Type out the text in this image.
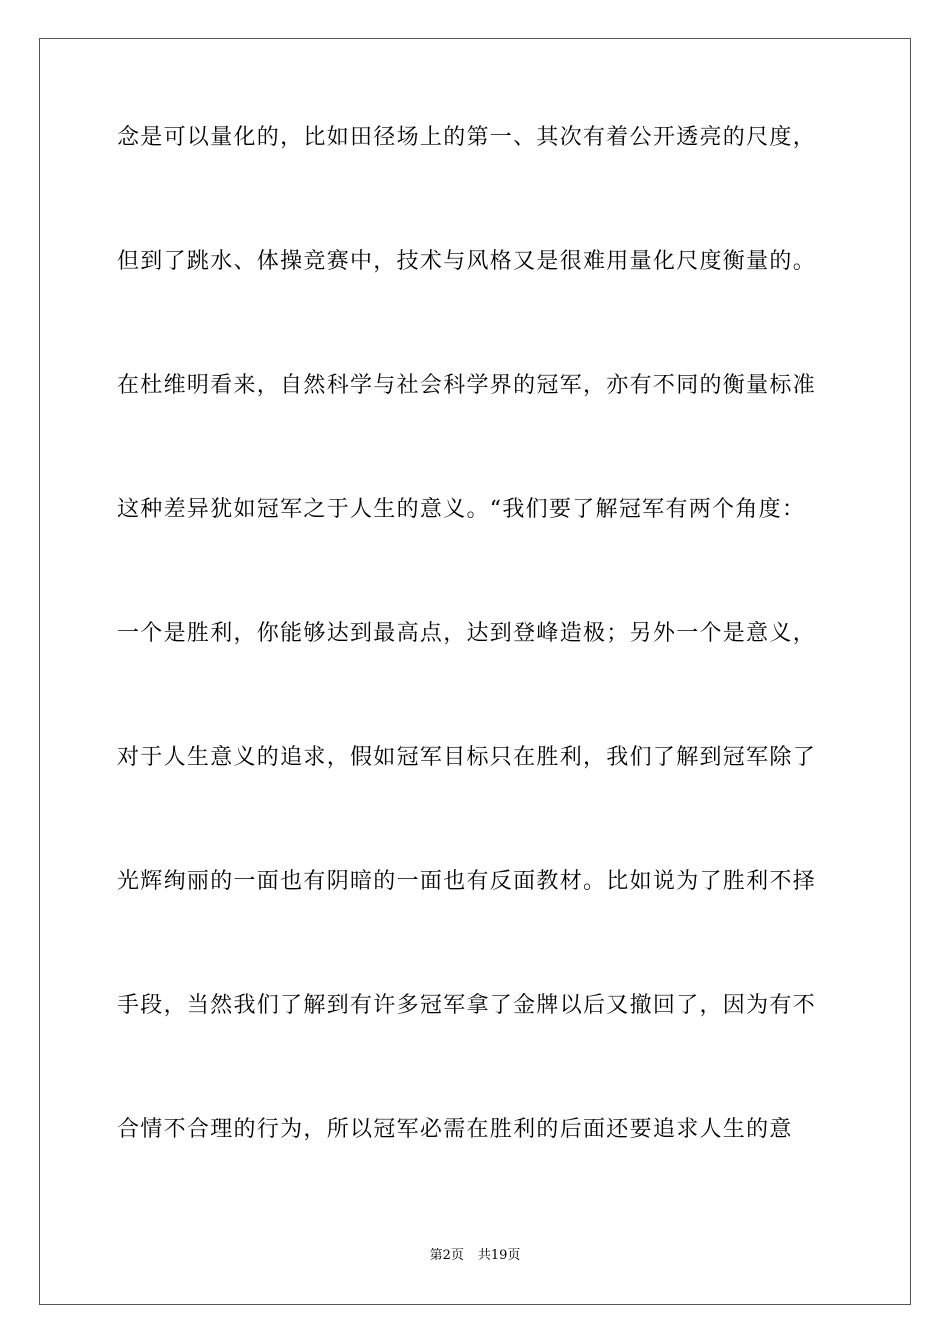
念是可以量化的，比如田径场上的第一、其次有着公开透亮的尺度，
但到了跳水、体操竞赛中，技术与风格又是很难用量化尺度衡量的。
在杜维明看来，自然科学与社会科学界的冠军，亦有不同的衡量标准
这种差异犹如冠军之于人生的意义。“我们要了解冠军有两个角度：
一个是胜利，你能够达到最高点，达到登峰造极；另外一个是意义，
对于人生意义的追求，假如冠军目标只在胜利，我们了解到冠军除了
光辉绚丽的一面也有阴暗的一面也有反面教材。比如说为了胜利不择
手段，当然我们了解到有许多冠军拿了金牌以后又撤回了，因为有不
合情不合理的行为，所以冠军必需在胜利的后面还要追求人生的意
第2页 共19页
